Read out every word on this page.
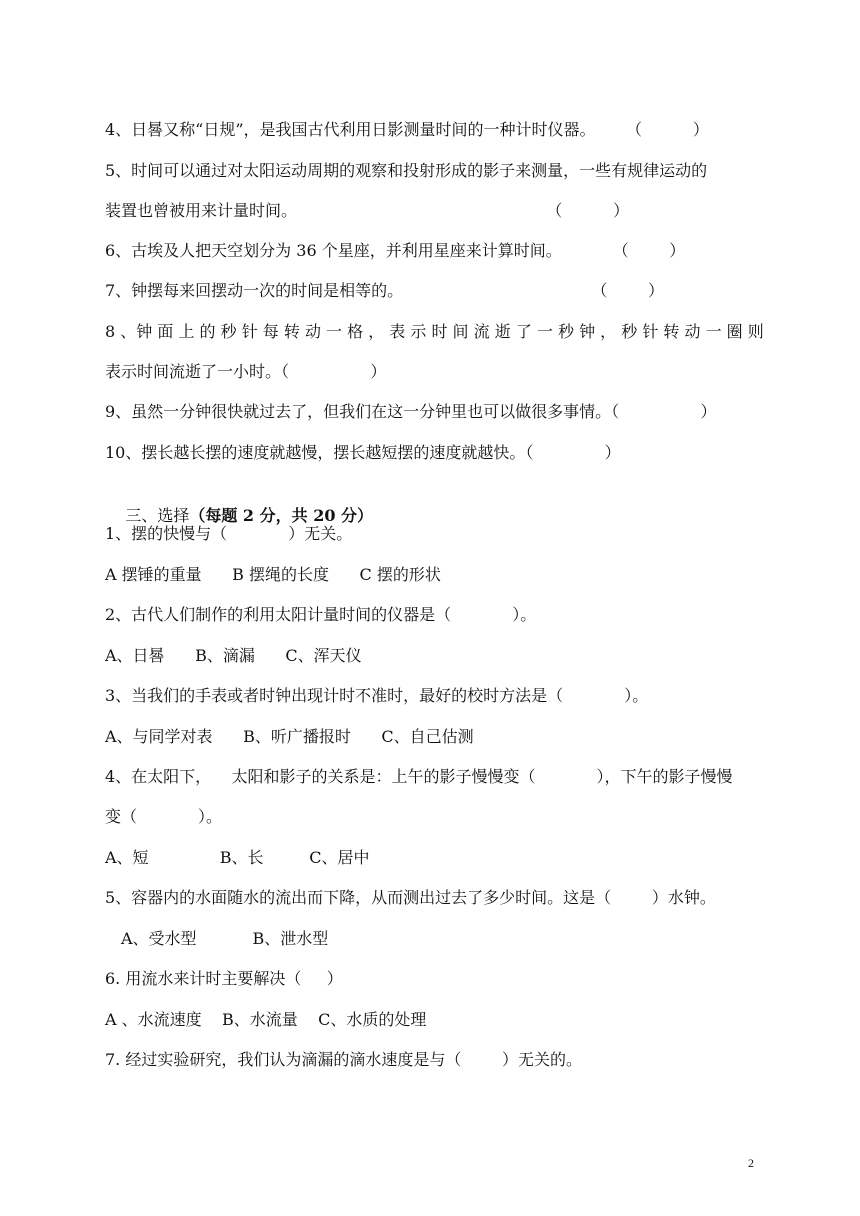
4、日晷又称“日规”，是我国古代利用日影测量时间的一种计时仪器。      （          ）
5、时间可以通过对太阳运动周期的观察和投射形成的影子来测量，一些有规律运动的
装置也曾被用来计量时间。                                                 （          ）
6、古埃及人把天空划分为 36 个星座，并利用星座来计算时间。          （        ）
7、钟摆每来回摆动一次的时间是相等的。                                     （        ）
8 、钟 面 上 的 秒 针 每 转 动 一 格 ， 表 示 时 间 流 逝 了 一 秒 钟 ， 秒 针 转 动 一 圈 则
表示时间流逝了一小时。（                ）
9、虽然一分钟很快就过去了，但我们在这一分钟里也可以做很多事情。（                ）
10、摆长越长摆的速度就越慢，摆长越短摆的速度就越快。（              ）

三、选择（每题 2 分，共 20 分）

1、摆的快慢与（            ）无关。
A 摆锤的重量      B 摆绳的长度      C 摆的形状
2、古代人们制作的利用太阳计量时间的仪器是（            ）。
A、日晷      B、滴漏      C、浑天仪
3、当我们的手表或者时钟出现计时不准时，最好的校时方法是（            ）。
A、与同学对表      B、听广播报时      C、自己估测
4、在太阳下，    太阳和影子的关系是：上午的影子慢慢变（            ），下午的影子慢慢
变（            ）。
A、短              B、长         C、居中
5、容器内的水面随水的流出而下降，从而测出过去了多少时间。这是（        ）水钟。
A、受水型           B、泄水型
6. 用流水来计时主要解决（     ）
A 、水流速度    B、水流量    C、水质的处理
7. 经过实验研究，我们认为滴漏的滴水速度是与（        ）无关的。
2
